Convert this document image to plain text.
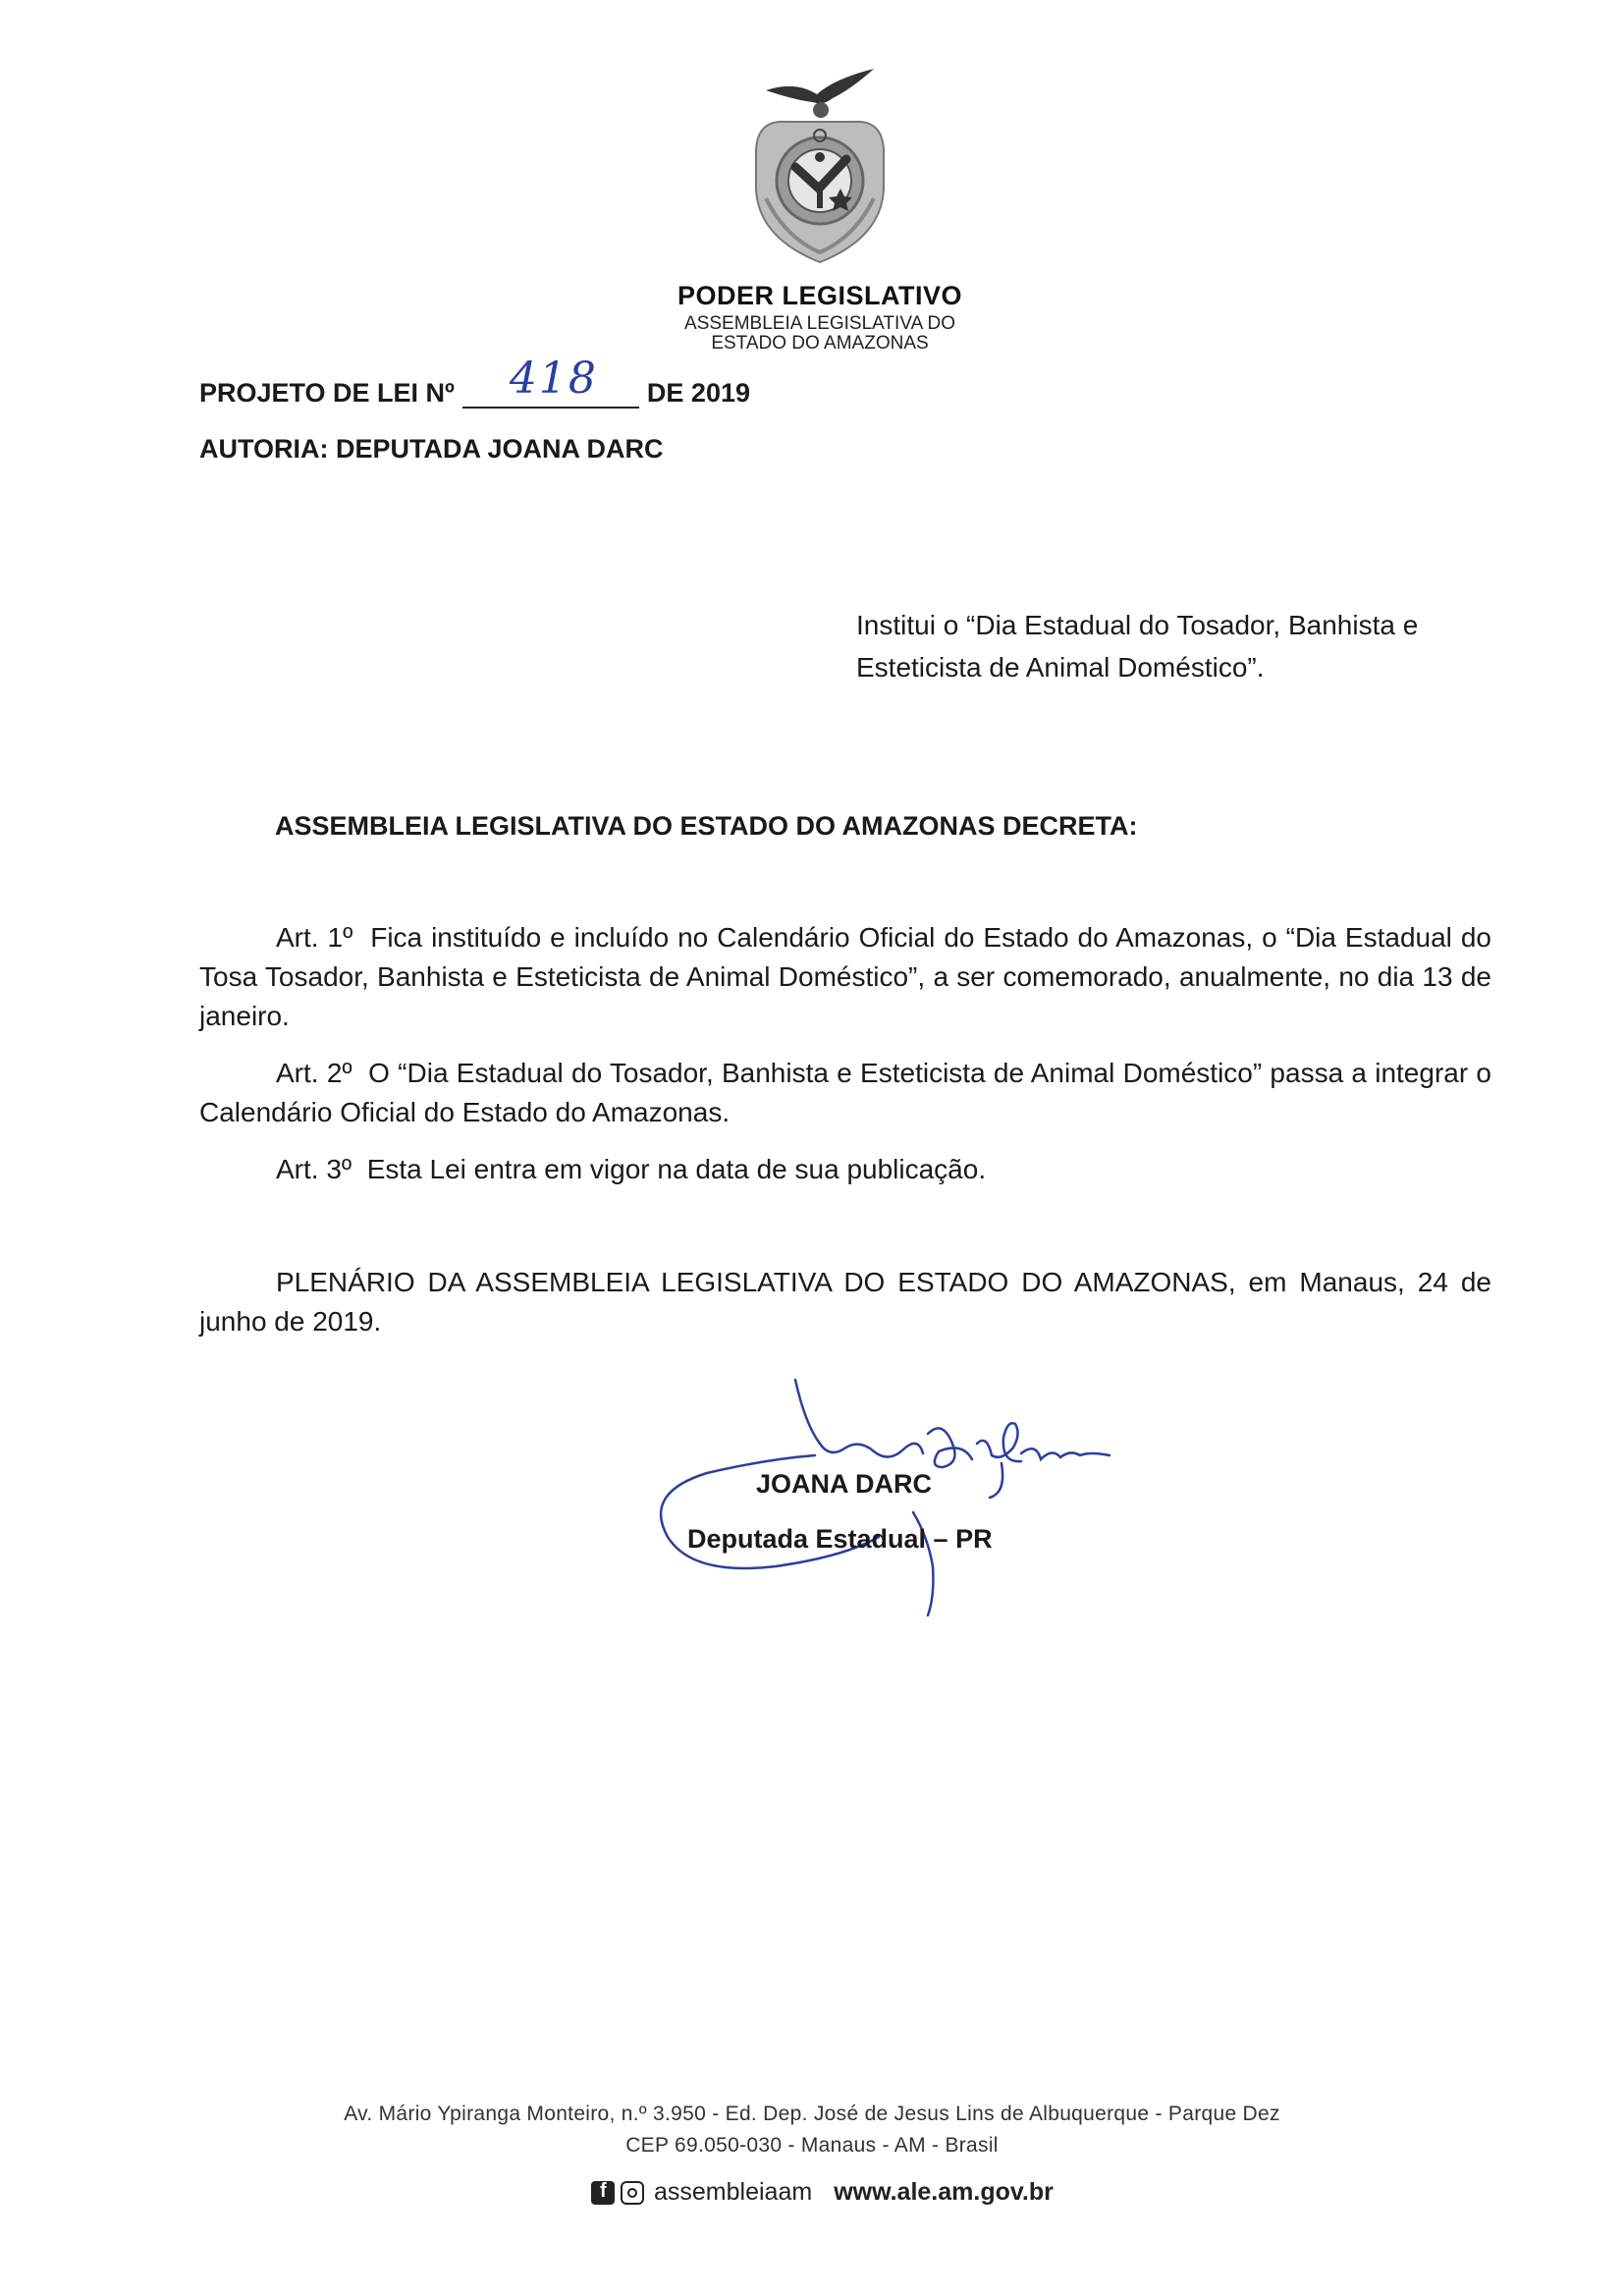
PODER LEGISLATIVO
ASSEMBLEIA LEGISLATIVA DO
ESTADO DO AMAZONAS
PROJETO DE LEI Nº 418 DE 2019
AUTORIA: DEPUTADA JOANA DARC
Institui o “Dia Estadual do Tosador, Banhista e Esteticista de Animal Doméstico”.
ASSEMBLEIA LEGISLATIVA DO ESTADO DO AMAZONAS DECRETA:
Art. 1º Fica instituído e incluído no Calendário Oficial do Estado do Amazonas, o “Dia Estadual do Tosa Tosador, Banhista e Esteticista de Animal Doméstico”, a ser comemorado, anualmente, no dia 13 de janeiro.
Art. 2º O “Dia Estadual do Tosador, Banhista e Esteticista de Animal Doméstico” passa a integrar o Calendário Oficial do Estado do Amazonas.
Art. 3º Esta Lei entra em vigor na data de sua publicação.
PLENÁRIO DA ASSEMBLEIA LEGISLATIVA DO ESTADO DO AMAZONAS, em Manaus, 24 de junho de 2019.
JOANA DARC
Deputada Estadual – PR
Av. Mário Ypiranga Monteiro, n.º 3.950 - Ed. Dep. José de Jesus Lins de Albuquerque - Parque Dez
CEP 69.050-030 - Manaus - AM - Brasil
f
assembleiaam www.ale.am.gov.br
